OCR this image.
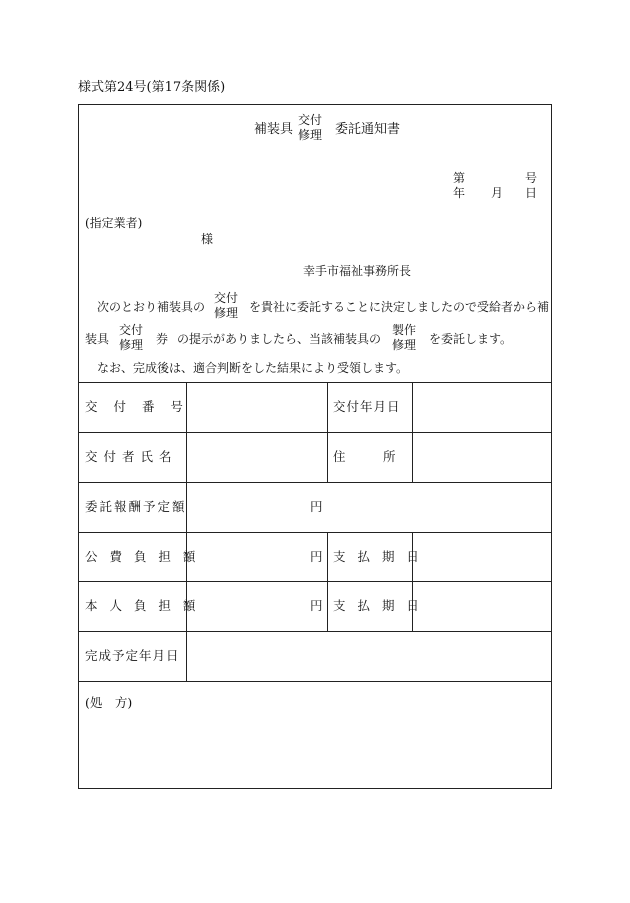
様式第24号(第17条関係)
補装具
交付
修理 委託通知書
第	号
年 月 日
(指定業者)
様
幸手市福祉事務所長
次のとおり補装具の
交付
修理 を貴社に委託することに決定しましたので受給者から補
装具
交付
修理 券 の提示がありましたら、当該補装具の
製作
修理 を委託します。
なお、完成後は、適合判断をした結果により受領します。
交 付 番 号	交付年月日
交付者氏名	住　　　所
委託報酬予定額	円
公 費 負 担 額	円 支 払 期 日
本 人 負 担 額	円 支 払 期 日
完成予定年月日
(処　方)
